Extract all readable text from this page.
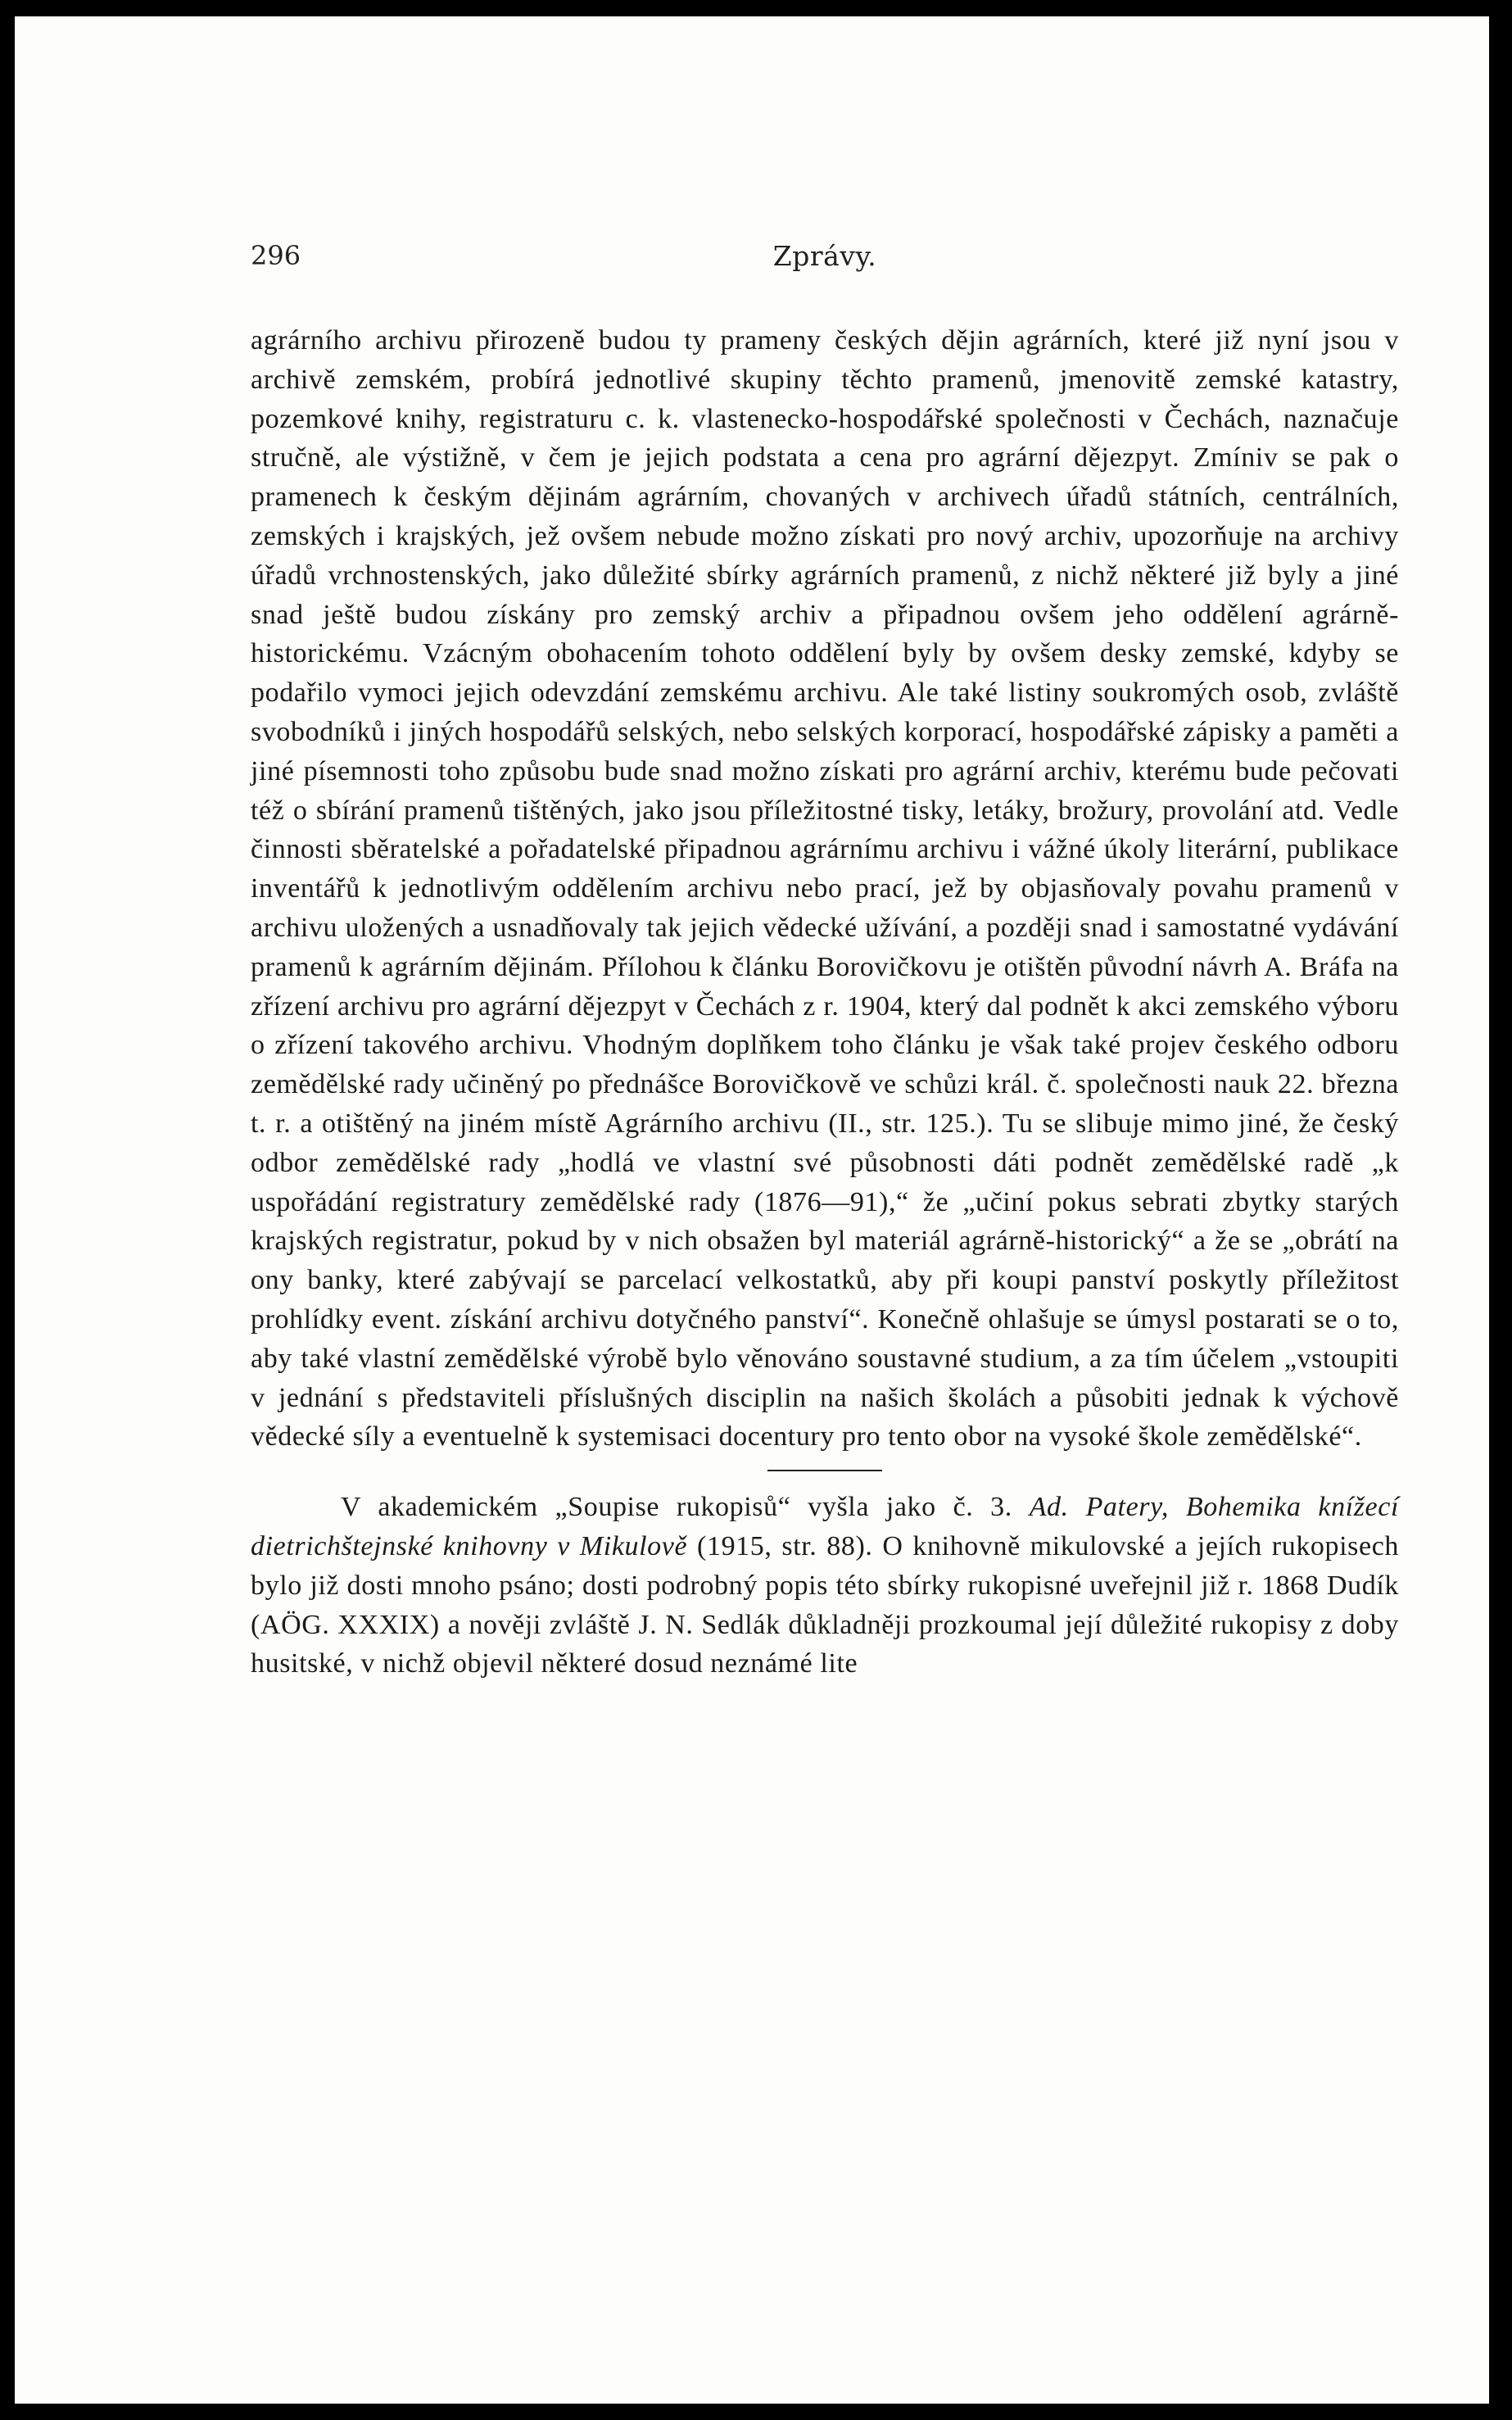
296	Zprávy.

agrárního archivu přirozeně budou ty prameny českých dějin agrárních, které již nyní jsou v archivě zemském, probírá jednotlivé skupiny těchto pramenů, jmenovitě zemské katastry, pozemkové knihy, registraturu c. k. vlastenecko-hospodářské společnosti v Čechách, naznačuje stručně, ale výstižně, v čem je jejich podstata a cena pro agrární dějezpyt. Zmíniv se pak o pramenech k českým dějinám agrárním, chovaných v archivech úřadů státních, centrálních, zemských i krajských, jež ovšem nebude možno získati pro nový archiv, upozorňuje na archivy úřadů vrchnostenských, jako důležité sbírky agrárních pramenů, z nichž některé již byly a jiné snad ještě budou získány pro zemský archiv a připadnou ovšem jeho oddělení agrárně-historickému. Vzácným obohacením tohoto oddělení byly by ovšem desky zemské, kdyby se podařilo vymoci jejich odevzdání zemskému archivu. Ale také listiny soukromých osob, zvláště svobodníků i jiných hospodářů selských, nebo selských korporací, hospodářské zápisky a paměti a jiné písemnosti toho způsobu bude snad možno získati pro agrární archiv, kterému bude pečovati též o sbírání pramenů tištěných, jako jsou příležitostné tisky, letáky, brožury, provolání atd. Vedle činnosti sběratelské a pořadatelské připadnou agrárnímu archivu i vážné úkoly literární, publikace inventářů k jednotlivým oddělením archivu nebo prací, jež by objasňovaly povahu pramenů v archivu uložených a usnadňovaly tak jejich vědecké užívání, a později snad i samostatné vydávání pramenů k agrárním dějinám. Přílohou k článku Borovičkovu je otištěn původní návrh A. Bráfa na zřízení archivu pro agrární dějezpyt v Čechách z r. 1904, který dal podnět k akci zemského výboru o zřízení takového archivu. Vhodným doplňkem toho článku je však také projev českého odboru zemědělské rady učiněný po přednášce Borovičkově ve schůzi král. č. společnosti nauk 22. března t. r. a otištěný na jiném místě Agrárního archivu (II., str. 125.). Tu se slibuje mimo jiné, že český odbor zemědělské rady „hodlá ve vlastní své působnosti dáti podnět zemědělské radě „k uspořádání registratury zemědělské rady (1876—91),“ že „učiní pokus sebrati zbytky starých krajských registratur, pokud by v nich obsažen byl materiál agrárně-historický“ a že se „obrátí na ony banky, které zabývají se parcelací velkostatků, aby při koupi panství poskytly příležitost prohlídky event. získání archivu dotyčného panství“. Konečně ohlašuje se úmysl postarati se o to, aby také vlastní zemědělské výrobě bylo věnováno soustavné studium, a za tím účelem „vstoupiti v jednání s představiteli příslušných disciplin na našich školách a působiti jednak k výchově vědecké síly a eventuelně k systemisaci docentury pro tento obor na vysoké škole zemědělské“.

V akademickém „Soupise rukopisů“ vyšla jako č. 3. Ad. Patery, Bohemika knížecí dietrichštejnské knihovny v Mikulově (1915, str. 88). O knihovně mikulovské a jejích rukopisech bylo již dosti mnoho psáno; dosti podrobný popis této sbírky rukopisné uveřejnil již r. 1868 Dudík (AÖG. XXXIX) a nověji zvláště J. N. Sedlák důkladněji prozkoumal její důležité rukopisy z doby husitské, v nichž objevil některé dosud neznámé lite
